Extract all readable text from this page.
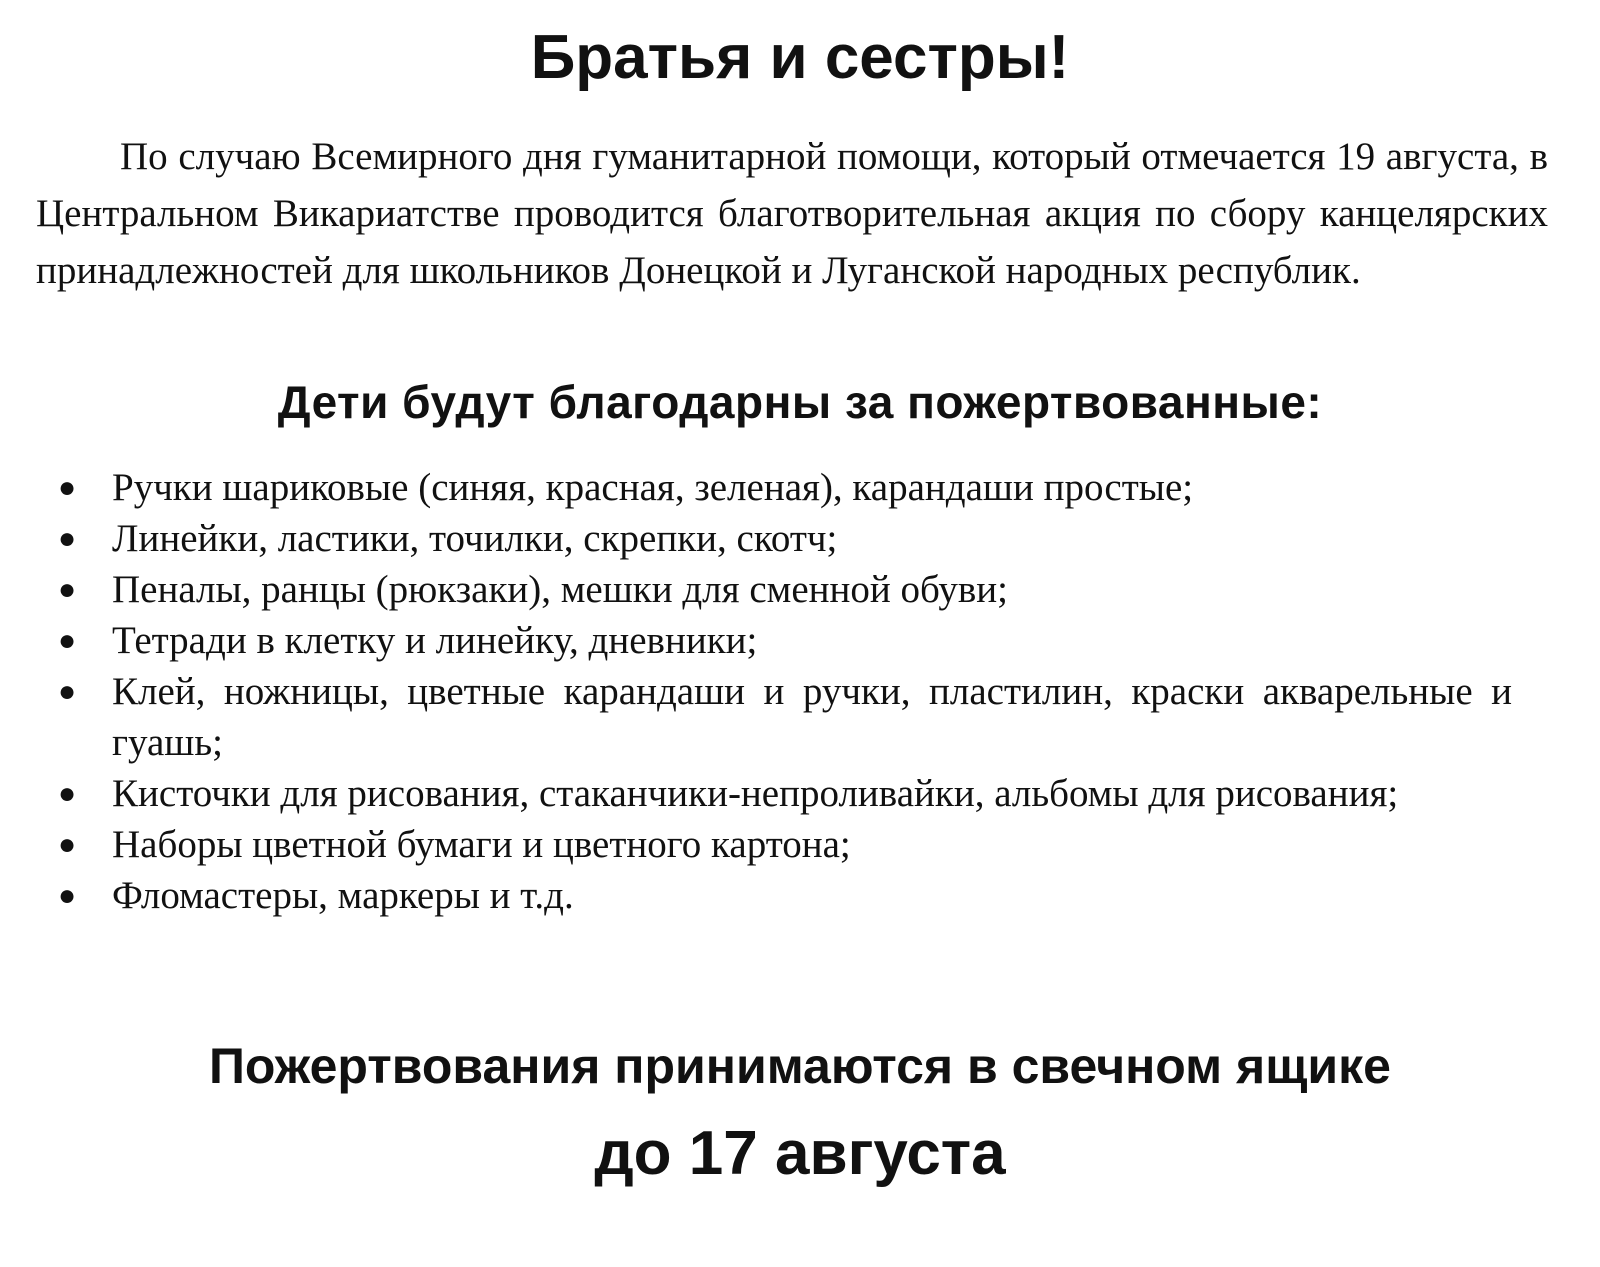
Братья и сестры!

По случаю Всемирного дня гуманитарной помощи, который отмечается 19 августа, в Центральном Викариатстве проводится благотворительная акция по сбору канцелярских принадлежностей для школьников Донецкой и Луганской народных республик.

Дети будут благодарны за пожертвованные:
● Ручки шариковые (синяя, красная, зеленая), карандаши простые;
● Линейки, ластики, точилки, скрепки, скотч;
● Пеналы, ранцы (рюкзаки), мешки для сменной обуви;
● Тетради в клетку и линейку, дневники;
● Клей, ножницы, цветные карандаши и ручки, пластилин, краски акварельные и гуашь;
● Кисточки для рисования, стаканчики-непроливайки, альбомы для рисования;
● Наборы цветной бумаги и цветного картона;
● Фломастеры, маркеры и т.д.
Пожертвования принимаются в свечном ящике
до 17 августа
